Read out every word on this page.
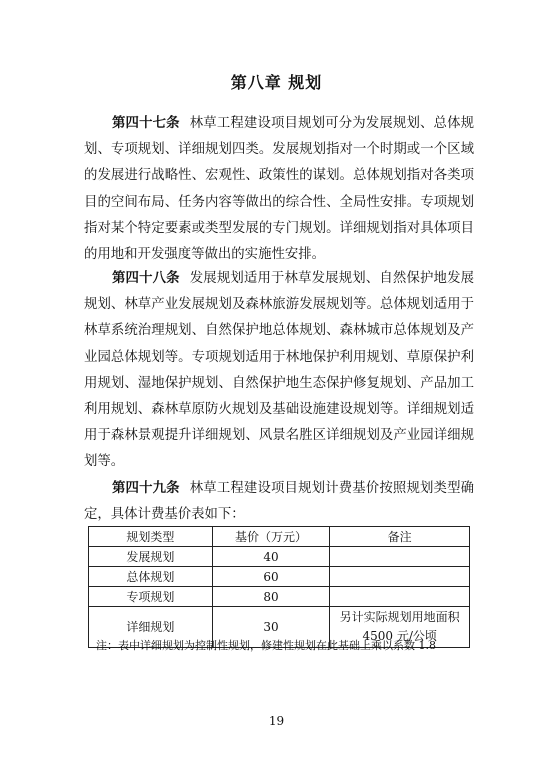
第八章 规划

第四十七条 林草工程建设项目规划可分为发展规划、总体规划、专项规划、详细规划四类。发展规划指对一个时期或一个区域的发展进行战略性、宏观性、政策性的谋划。总体规划指对各类项目的空间布局、任务内容等做出的综合性、全局性安排。专项规划指对某个特定要素或类型发展的专门规划。详细规划指对具体项目的用地和开发强度等做出的实施性安排。

第四十八条 发展规划适用于林草发展规划、自然保护地发展规划、林草产业发展规划及森林旅游发展规划等。总体规划适用于林草系统治理规划、自然保护地总体规划、森林城市总体规划及产业园总体规划等。专项规划适用于林地保护利用规划、草原保护利用规划、湿地保护规划、自然保护地生态保护修复规划、产品加工利用规划、森林草原防火规划及基础设施建设规划等。详细规划适用于森林景观提升详细规划、风景名胜区详细规划及产业园详细规划等。

第四十九条 林草工程建设项目规划计费基价按照规划类型确定，具体计费基价表如下：

规划类型	基价（万元）	备注
发展规划	40	
总体规划	60	
专项规划	80	
详细规划	30	另计实际规划用地面积
4500 元/公顷
注：表中详细规划为控制性规划，修建性规划在此基础上乘以系数 1.8
19
